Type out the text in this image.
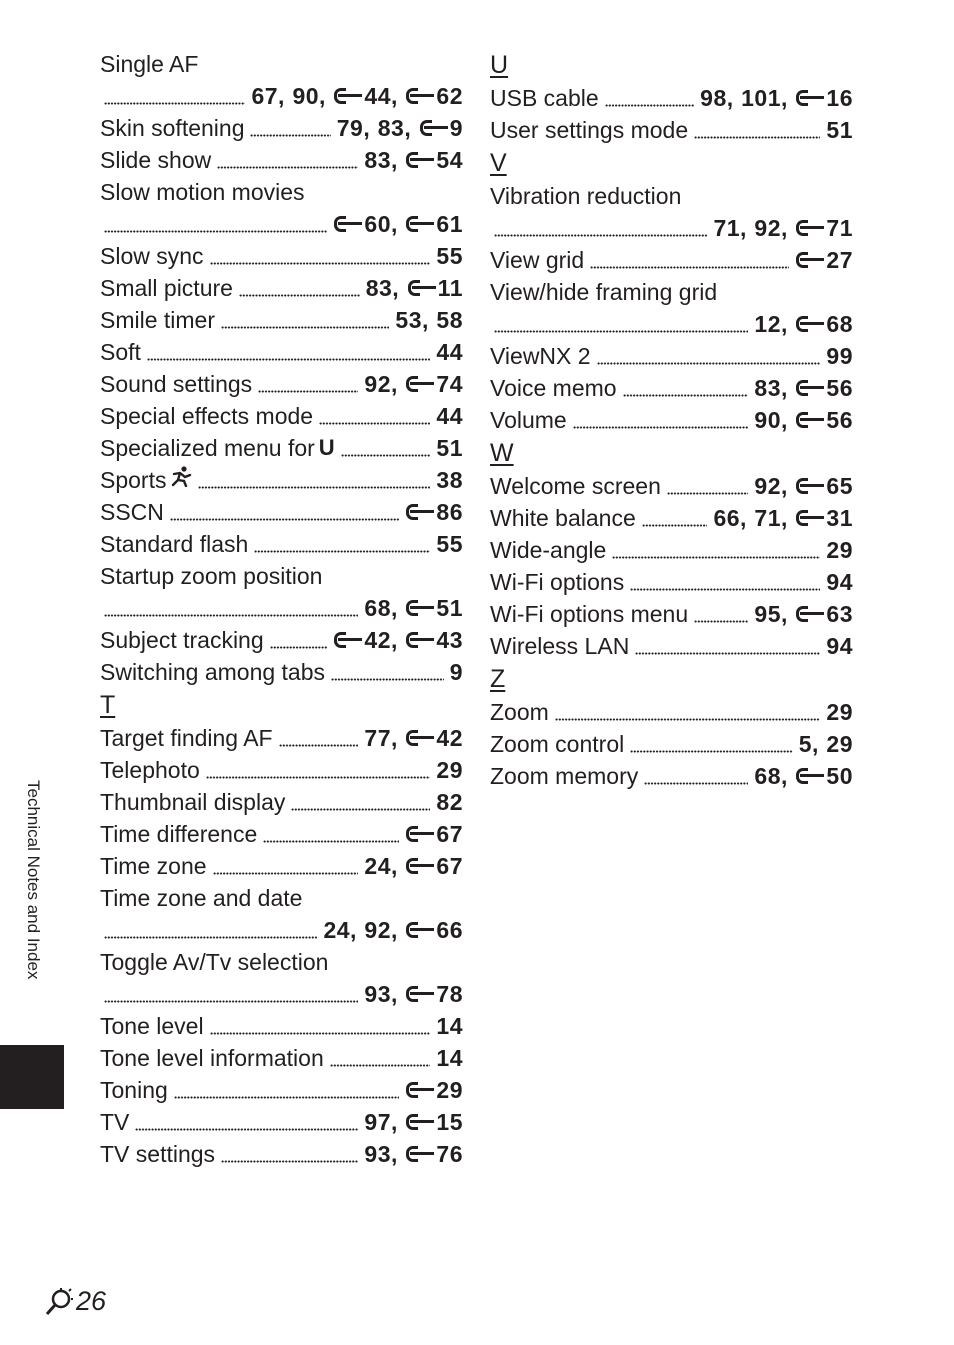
Single AF
67 , 90 , 44 , 62
Skin softening	79 , 83 , 9
Slide show	83 , 54
Slow motion movies
60 , 61
Slow sync	55
Small picture	83 , 11
Smile timer	53 , 58
Soft	44
Sound settings	92 , 74
Special effects mode	44
Specialized menu for U	51
Sports	38
SSCN	86
Standard flash	55
Startup zoom position
68 , 51
Subject tracking	42 , 43
Switching among tabs	9
T
Target finding AF	77 , 42
Telephoto	29
Thumbnail display	82
Time difference	67
Time zone	24 , 67
Time zone and date
24 , 92 , 66
Toggle Av/Tv selection
93 , 78
Tone level	14
Tone level information	14
Toning	29
TV	97 , 15
TV settings	93 , 76
U
USB cable	98 , 101 , 16
User settings mode	51
V
Vibration reduction
71 , 92 , 71
View grid	27
View/hide framing grid
12 , 68
ViewNX 2	99
Voice memo	83 , 56
Volume	90 , 56
W
Welcome screen	92 , 65
White balance	66 , 71 , 31
Wide-angle	29
Wi-Fi options	94
Wi-Fi options menu	95 , 63
Wireless LAN	94
Z
Zoom	29
Zoom control	5 , 29
Zoom memory	68 , 50
Technical Notes and Index
26
